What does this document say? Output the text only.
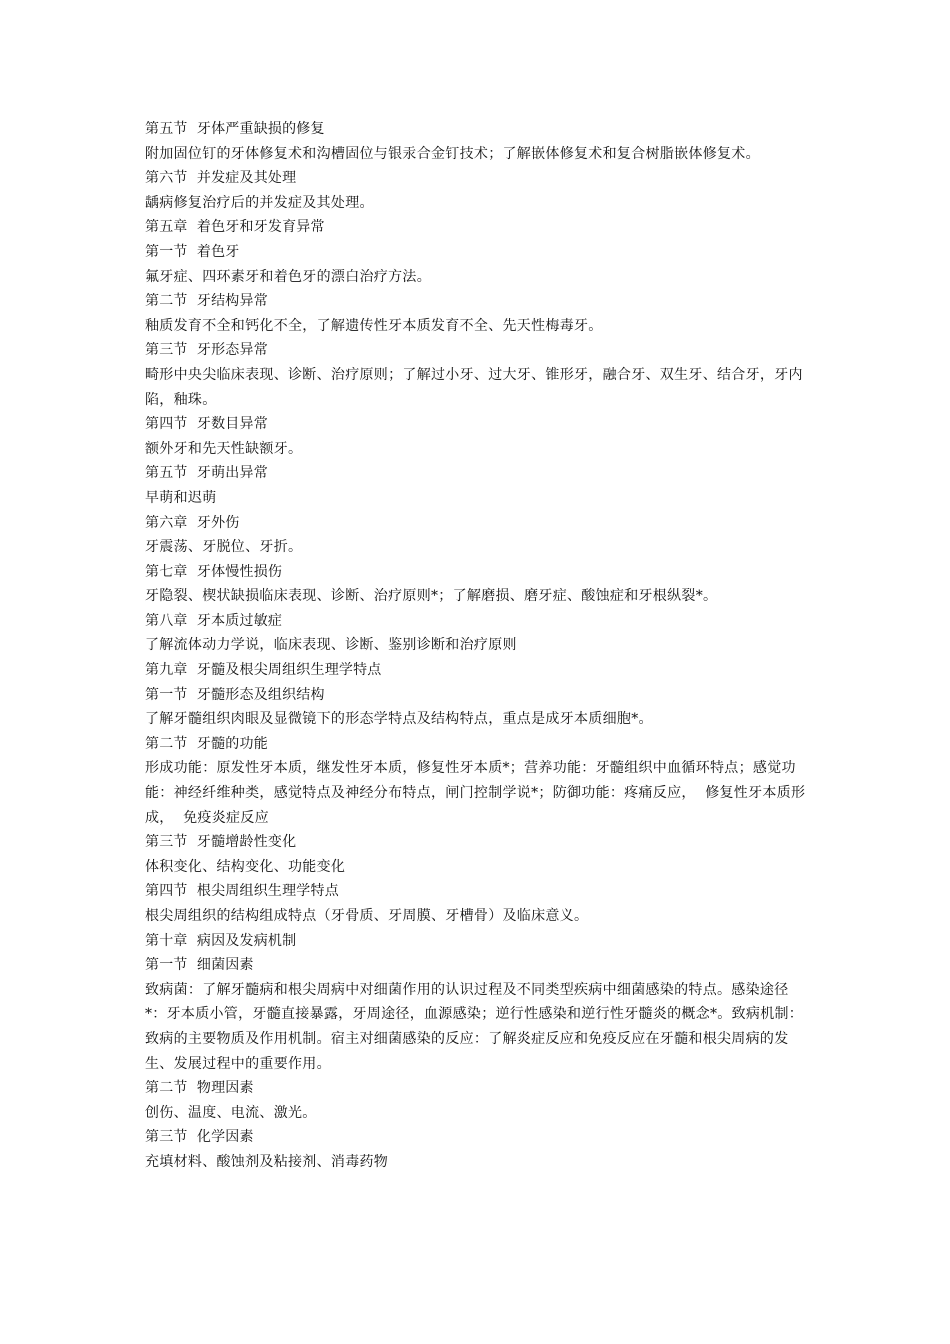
第五节  牙体严重缺损的修复
附加固位钉的牙体修复术和沟槽固位与银汞合金钉技术；了解嵌体修复术和复合树脂嵌体修复术。
第六节  并发症及其处理
龋病修复治疗后的并发症及其处理。
第五章  着色牙和牙发育异常
第一节  着色牙
氟牙症、四环素牙和着色牙的漂白治疗方法。
第二节  牙结构异常
釉质发育不全和钙化不全，了解遗传性牙本质发育不全、先天性梅毒牙。
第三节  牙形态异常
畸形中央尖临床表现、诊断、治疗原则；了解过小牙、过大牙、锥形牙，融合牙、双生牙、结合牙，牙内陷，釉珠。
第四节  牙数目异常
额外牙和先天性缺额牙。
第五节  牙萌出异常
早萌和迟萌
第六章  牙外伤
牙震荡、牙脱位、牙折。
第七章  牙体慢性损伤
牙隐裂、楔状缺损临床表现、诊断、治疗原则*；了解磨损、磨牙症、酸蚀症和牙根纵裂*。
第八章  牙本质过敏症
了解流体动力学说，临床表现、诊断、鉴别诊断和治疗原则
第九章  牙髓及根尖周组织生理学特点
第一节  牙髓形态及组织结构
了解牙髓组织肉眼及显微镜下的形态学特点及结构特点，重点是成牙本质细胞*。
第二节  牙髓的功能
形成功能：原发性牙本质，继发性牙本质，修复性牙本质*；营养功能：牙髓组织中血循环特点；感觉功能：神经纤维种类，感觉特点及神经分布特点，闸门控制学说*；防御功能：疼痛反应，  修复性牙本质形成，  免疫炎症反应
第三节  牙髓增龄性变化
体积变化、结构变化、功能变化
第四节  根尖周组织生理学特点
根尖周组织的结构组成特点（牙骨质、牙周膜、牙槽骨）及临床意义。
第十章  病因及发病机制
第一节  细菌因素
致病菌：了解牙髓病和根尖周病中对细菌作用的认识过程及不同类型疾病中细菌感染的特点。感染途径*：牙本质小管，牙髓直接暴露，牙周途径，血源感染；逆行性感染和逆行性牙髓炎的概念*。致病机制：致病的主要物质及作用机制。宿主对细菌感染的反应：了解炎症反应和免疫反应在牙髓和根尖周病的发生、发展过程中的重要作用。
第二节  物理因素
创伤、温度、电流、激光。
第三节  化学因素
充填材料、酸蚀剂及粘接剂、消毒药物
